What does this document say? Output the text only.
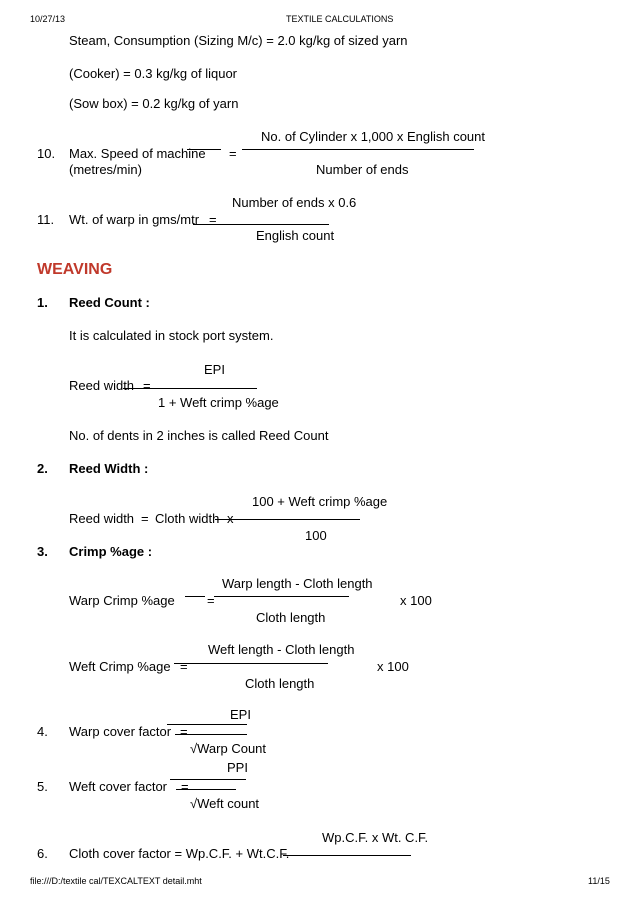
10/27/13	TEXTILE CALCULATIONS
Steam, Consumption (Sizing M/c) = 2.0 kg/kg of sized yarn
(Cooker) = 0.3 kg/kg of liquor
(Sow box) = 0.2 kg/kg of yarn
No. of Cylinder x 1,000 x English count
10. Max. Speed of machine =
(metres/min)	Number of ends
Number of ends x 0.6
11. Wt. of warp in gms/mtr =
English count
WEAVING
1. Reed Count :
It is calculated in stock port system.
EPI
Reed width =
1 + Weft crimp %age
No. of dents in 2 inches is called Reed Count
2. Reed Width :
100 + Weft crimp %age
Reed width = Cloth width x
100
3. Crimp %age :
Warp length - Cloth length
Warp Crimp %age =	x 100
Cloth length
Weft length - Cloth length
Weft Crimp %age =	x 100
Cloth length
EPI
4. Warp cover factor =
√Warp Count
PPI
5. Weft cover factor =
√Weft count
Wp.C.F. x Wt. C.F.
6. Cloth cover factor = Wp.C.F. + Wt.C.F.
file:///D:/textile cal/TEXCALTEXT detail.mht	11/15
